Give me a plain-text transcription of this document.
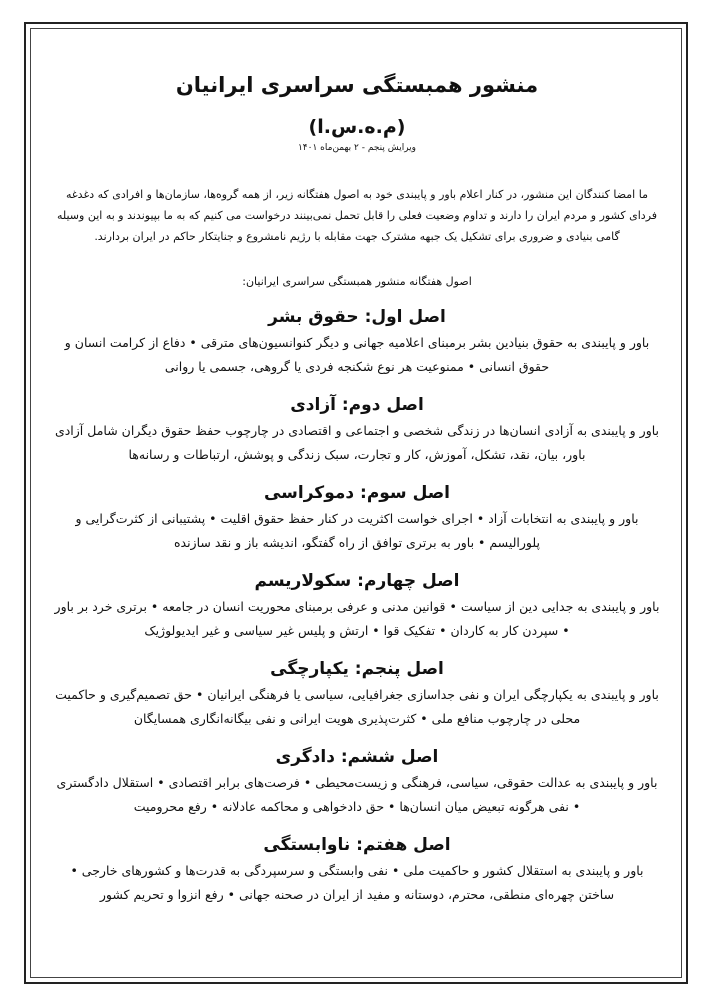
منشور همبستگی سراسری ایرانیان
(م.ه.س.ا)
ویرایش پنجم - ۲ بهمن‌ماه ۱۴۰۱

ما امضا کنندگان این منشور، در کنار اعلام باور و پایبندی خود به اصول هفتگانه زیر، از همه گروه‌ها، سازمان‌ها و افرادی که دغدغه فردای کشور و مردم ایران را دارند و تداوم وضعیت فعلی را قابل تحمل نمی‌بینند درخواست می کنیم که به ما بپیوندند و به این وسیله گامی بنیادی و ضروری برای تشکیل یک جبهه مشترک جهت مقابله با رژیم نامشروع و جنایتکار حاکم در ایران بردارند.

اصول هفتگانه منشور همبستگی سراسری ایرانیان:
اصل اول: حقوق بشر

باور و پایبندی به حقوق بنیادین بشر برمبنای اعلامیه جهانی و دیگر کنوانسیون‌های مترقی • دفاع از کرامت انسان و حقوق انسانی • ممنوعیت هر نوع شکنجه فردی یا گروهی، جسمی یا روانی

اصل دوم: آزادی

باور و پایبندی به آزادی انسان‌ها در زندگی شخصی و اجتماعی و اقتصادی در چارچوب حفظ حقوق دیگران شامل آزادی باور، بیان، نقد، تشکل، آموزش، کار و تجارت، سبک زندگی و پوشش، ارتباطات و رسانه‌ها

اصل سوم: دموکراسی

باور و پایبندی به انتخابات آزاد • اجرای خواست اکثریت در کنار حفظ حقوق اقلیت • پشتیبانی از کثرت‌گرایی و پلورالیسم • باور به برتری توافق از راه گفتگو، اندیشه باز و نقد سازنده

اصل چهارم: سکولاریسم

باور و پایبندی به جدایی دین از سیاست • قوانین مدنی و عرفی برمبنای محوریت انسان در جامعه • برتری خرد بر باور • سپردن کار به کاردان • تفکیک قوا • ارتش و پلیس غیر سیاسی و غیر ایدیولوژیک

اصل پنجم: یکپارچگی

باور و پایبندی به یکپارچگی ایران و نفی جداسازی جغرافیایی، سیاسی یا فرهنگی ایرانیان • حق تصمیم‌گیری و حاکمیت محلی در چارچوب منافع ملی • کثرت‌پذیری هویت ایرانی و نفی بیگانه‌انگاری همسایگان

اصل ششم: دادگری

باور و پایبندی به عدالت حقوقی، سیاسی، فرهنگی و زیست‌محیطی • فرصت‌های برابر اقتصادی • استقلال دادگستری • نفی هرگونه تبعیض میان انسان‌ها • حق دادخواهی و محاکمه عادلانه • رفع محرومیت

اصل هفتم: ناوابستگی

باور و پایبندی به استقلال کشور و حاکمیت ملی • نفی وابستگی و سرسپردگی به قدرت‌ها و کشورهای خارجی • ساختن چهره‌ای منطقی، محترم، دوستانه و مفید از ایران در صحنه جهانی • رفع انزوا و تحریم کشور
